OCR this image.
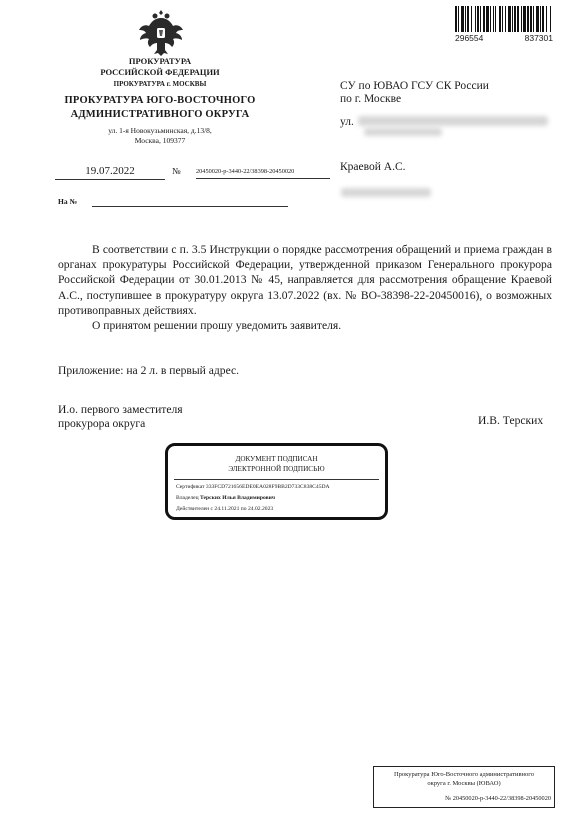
296554	837301
ПРОКУРАТУРА
РОССИЙСКОЙ ФЕДЕРАЦИИ
ПРОКУРАТУРА г. МОСКВЫ
ПРОКУРАТУРА ЮГО-ВОСТОЧНОГО
АДМИНИСТРАТИВНОГО ОКРУГА
ул. 1-я Новокузьминская, д.13/8,
Москва, 109377
19.07.2022	№ 20450020-р-3440-22/38398-20450020
На №
СУ по ЮВАО ГСУ СК России
по г. Москве
ул.
Краевой А.С.

В соответствии с п. 3.5 Инструкции о порядке рассмотрения обращений и приема граждан в органах прокуратуры Российской Федерации, утвержденной приказом Генерального прокурора Российской Федерации от 30.01.2013 № 45, направляется для рассмотрения обращение Краевой А.С., поступившее в прокуратуру округа 13.07.2022 (вх. № ВО-38398-22-20450016), о возможных противоправных действиях.

О принятом решении прошу уведомить заявителя.

Приложение: на 2 л. в первый адрес.
И.о. первого заместителя
прокурора округа	И.В. Терских
ДОКУМЕНТ ПОДПИСАН
ЭЛЕКТРОННОЙ ПОДПИСЬЮ
Сертификат 333FCD721656EDE0EA028F9BB2D733C838C45DA
Владелец Терских Илья Владимирович
Действителен с 24.11.2021 по 24.02.2023
Прокуратура Юго-Восточного административного
округа г. Москвы (ЮВАО)
№ 20450020-р-3440-22/38398-20450020
